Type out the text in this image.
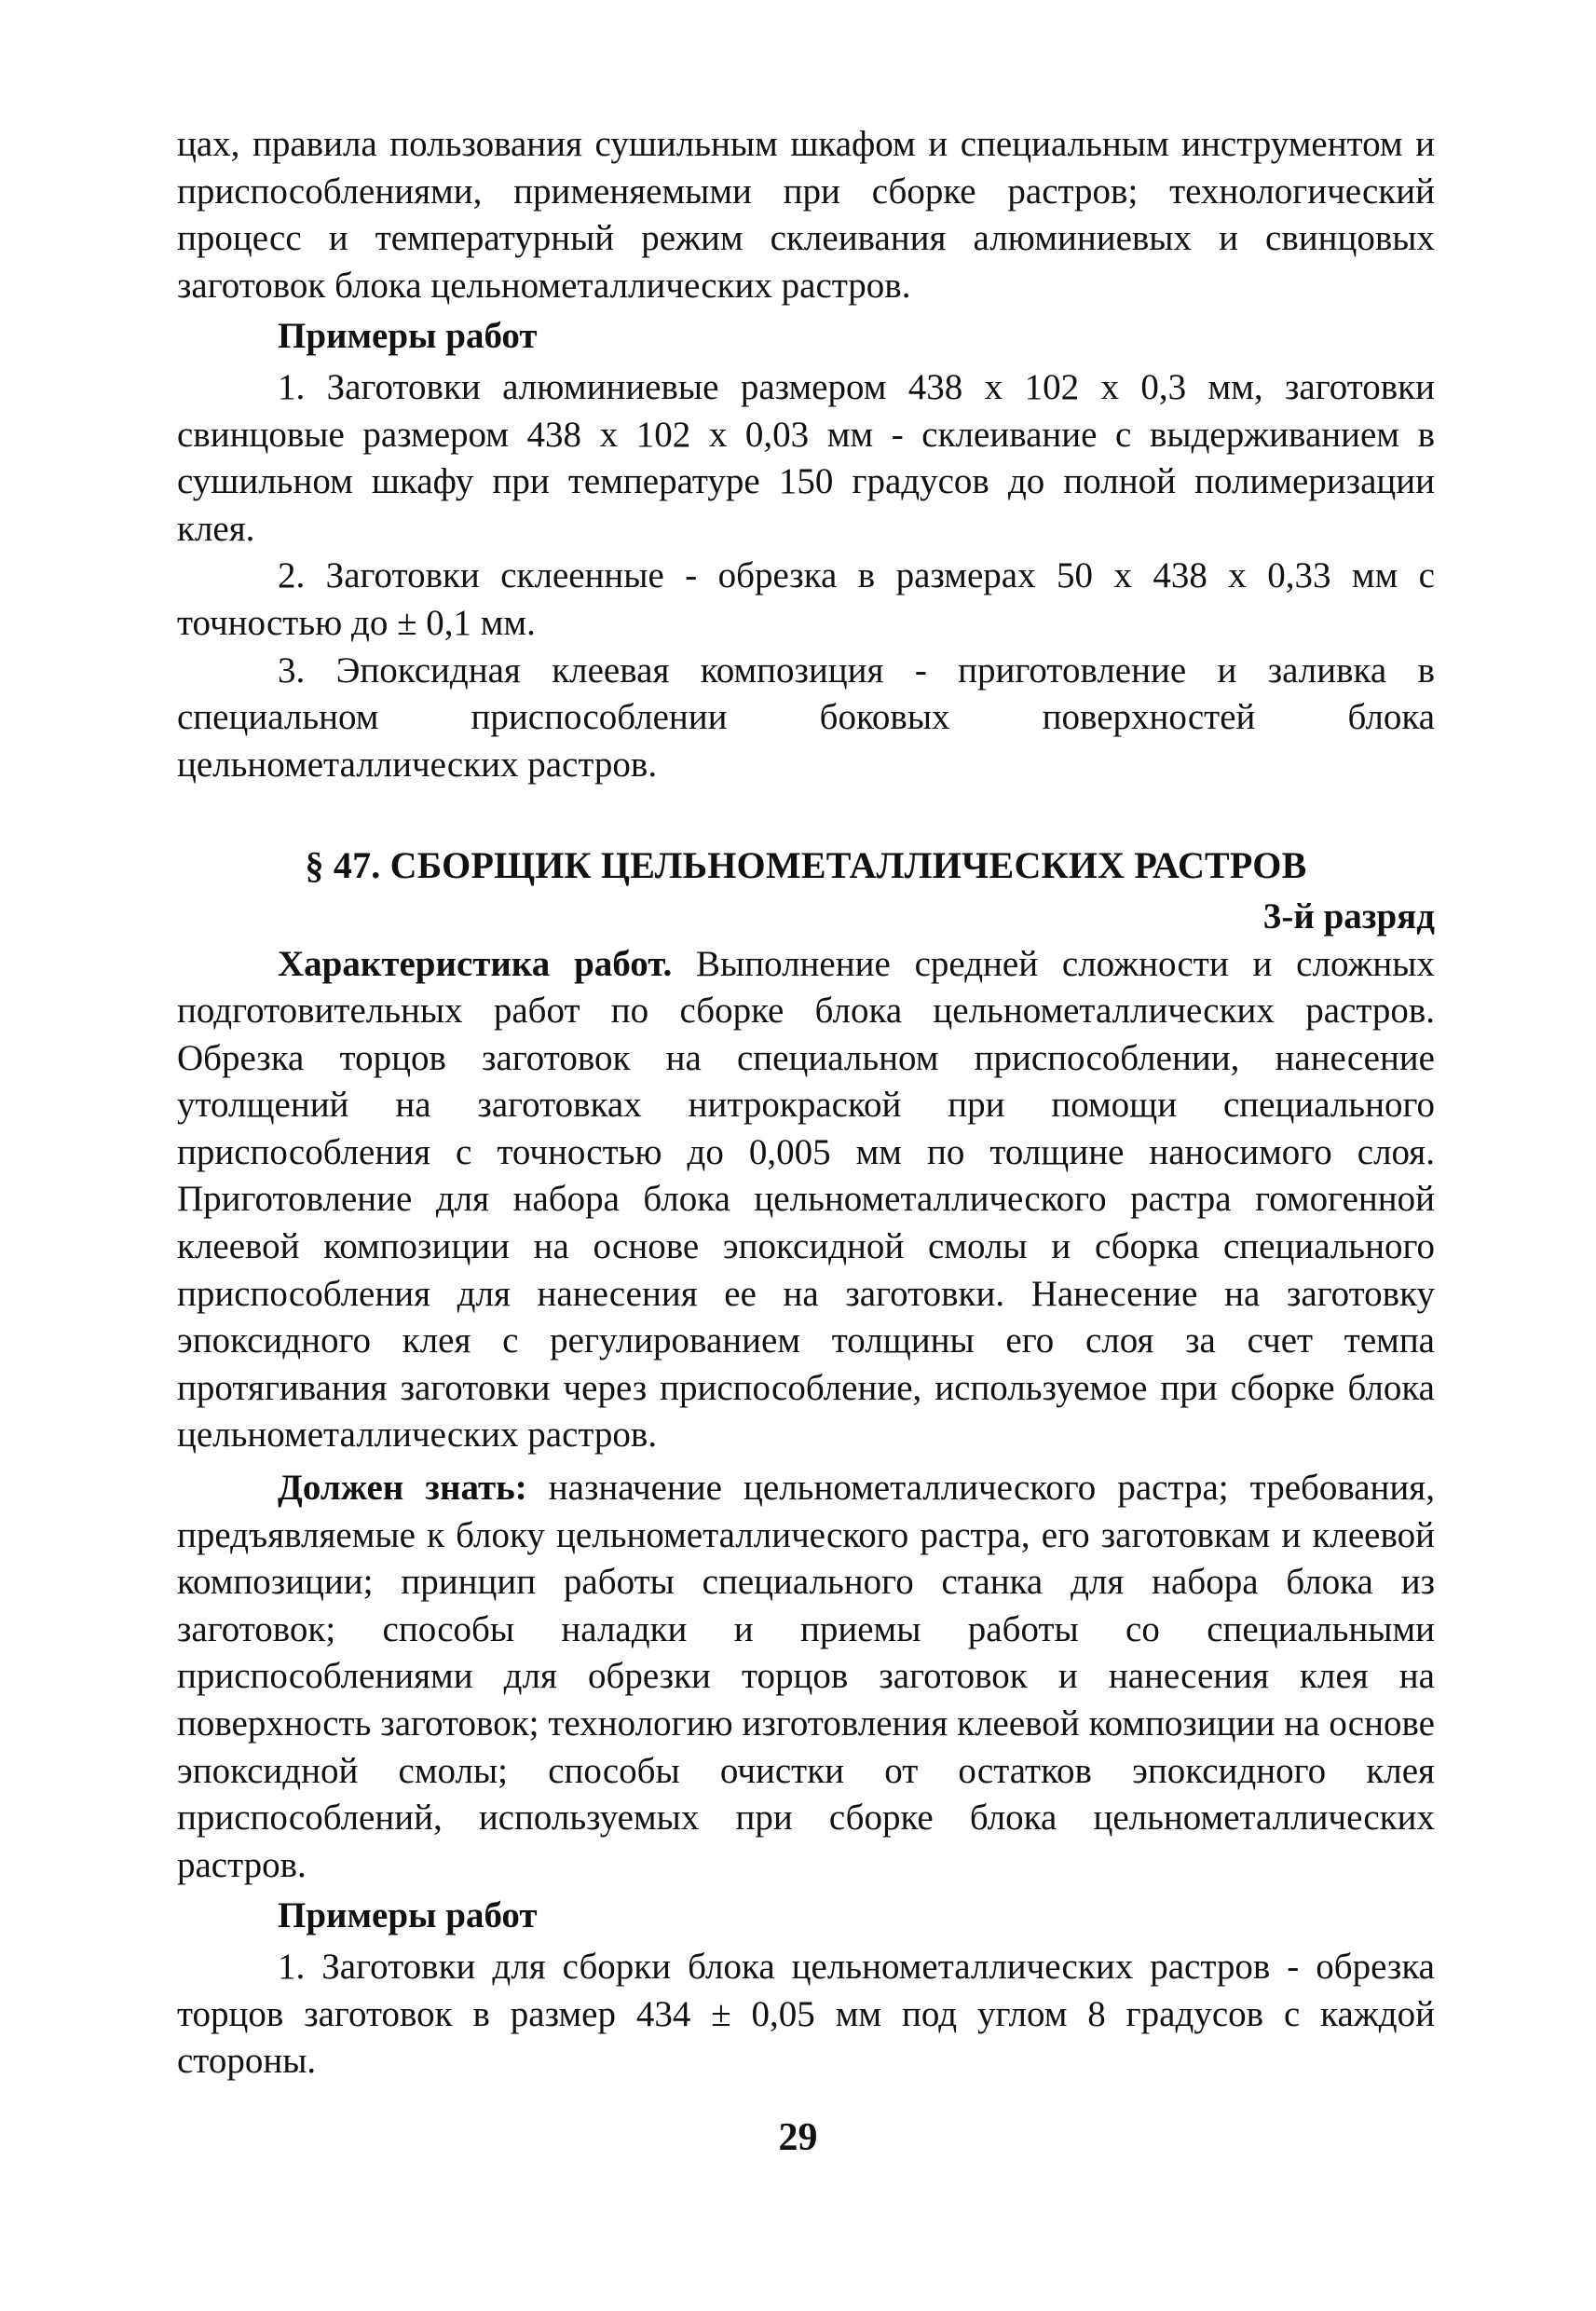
цах, правила пользования сушильным шкафом и специальным инструментом и приспособлениями, применяемыми при сборке растров; технологический процесс и температурный режим склеивания алюминиевых и свинцовых заготовок блока цельнометаллических растров.

Примеры работ

1. Заготовки алюминиевые размером 438 х 102 х 0,3 мм, заготовки свинцовые размером 438 х 102 х 0,03 мм - склеивание с выдерживанием в сушильном шкафу при температуре 150 градусов до полной полимеризации клея.

2. Заготовки склеенные - обрезка в размерах 50 х 438 х 0,33 мм с точностью до ± 0,1 мм.

3. Эпоксидная клеевая композиция - приготовление и заливка в специальном приспособлении боковых поверхностей блока цельнометаллических растров.

§ 47. СБОРЩИК ЦЕЛЬНОМЕТАЛЛИЧЕСКИХ РАСТРОВ

3-й разряд

Характеристика работ. Выполнение средней сложности и сложных подготовительных работ по сборке блока цельнометаллических растров. Обрезка торцов заготовок на специальном приспособлении, нанесение утолщений на заготовках нитрокраской при помощи специального приспособления с точностью до 0,005 мм по толщине наносимого слоя. Приготовление для набора блока цельнометаллического растра гомогенной клеевой композиции на основе эпоксидной смолы и сборка специального приспособления для нанесения ее на заготовки. Нанесение на заготовку эпоксидного клея с регулированием толщины его слоя за счет темпа протягивания заготовки через приспособление, используемое при сборке блока цельнометаллических растров.

Должен знать: назначение цельнометаллического растра; требования, предъявляемые к блоку цельнометаллического растра, его заготовкам и клеевой композиции; принцип работы специального станка для набора блока из заготовок; способы наладки и приемы работы со специальными приспособлениями для обрезки торцов заготовок и нанесения клея на поверхность заготовок; технологию изготовления клеевой композиции на основе эпоксидной смолы; способы очистки от остатков эпоксидного клея приспособлений, используемых при сборке блока цельнометаллических растров.

Примеры работ

1. Заготовки для сборки блока цельнометаллических растров - обрезка торцов заготовок в размер 434 ± 0,05 мм под углом 8 градусов с каждой стороны.

29
